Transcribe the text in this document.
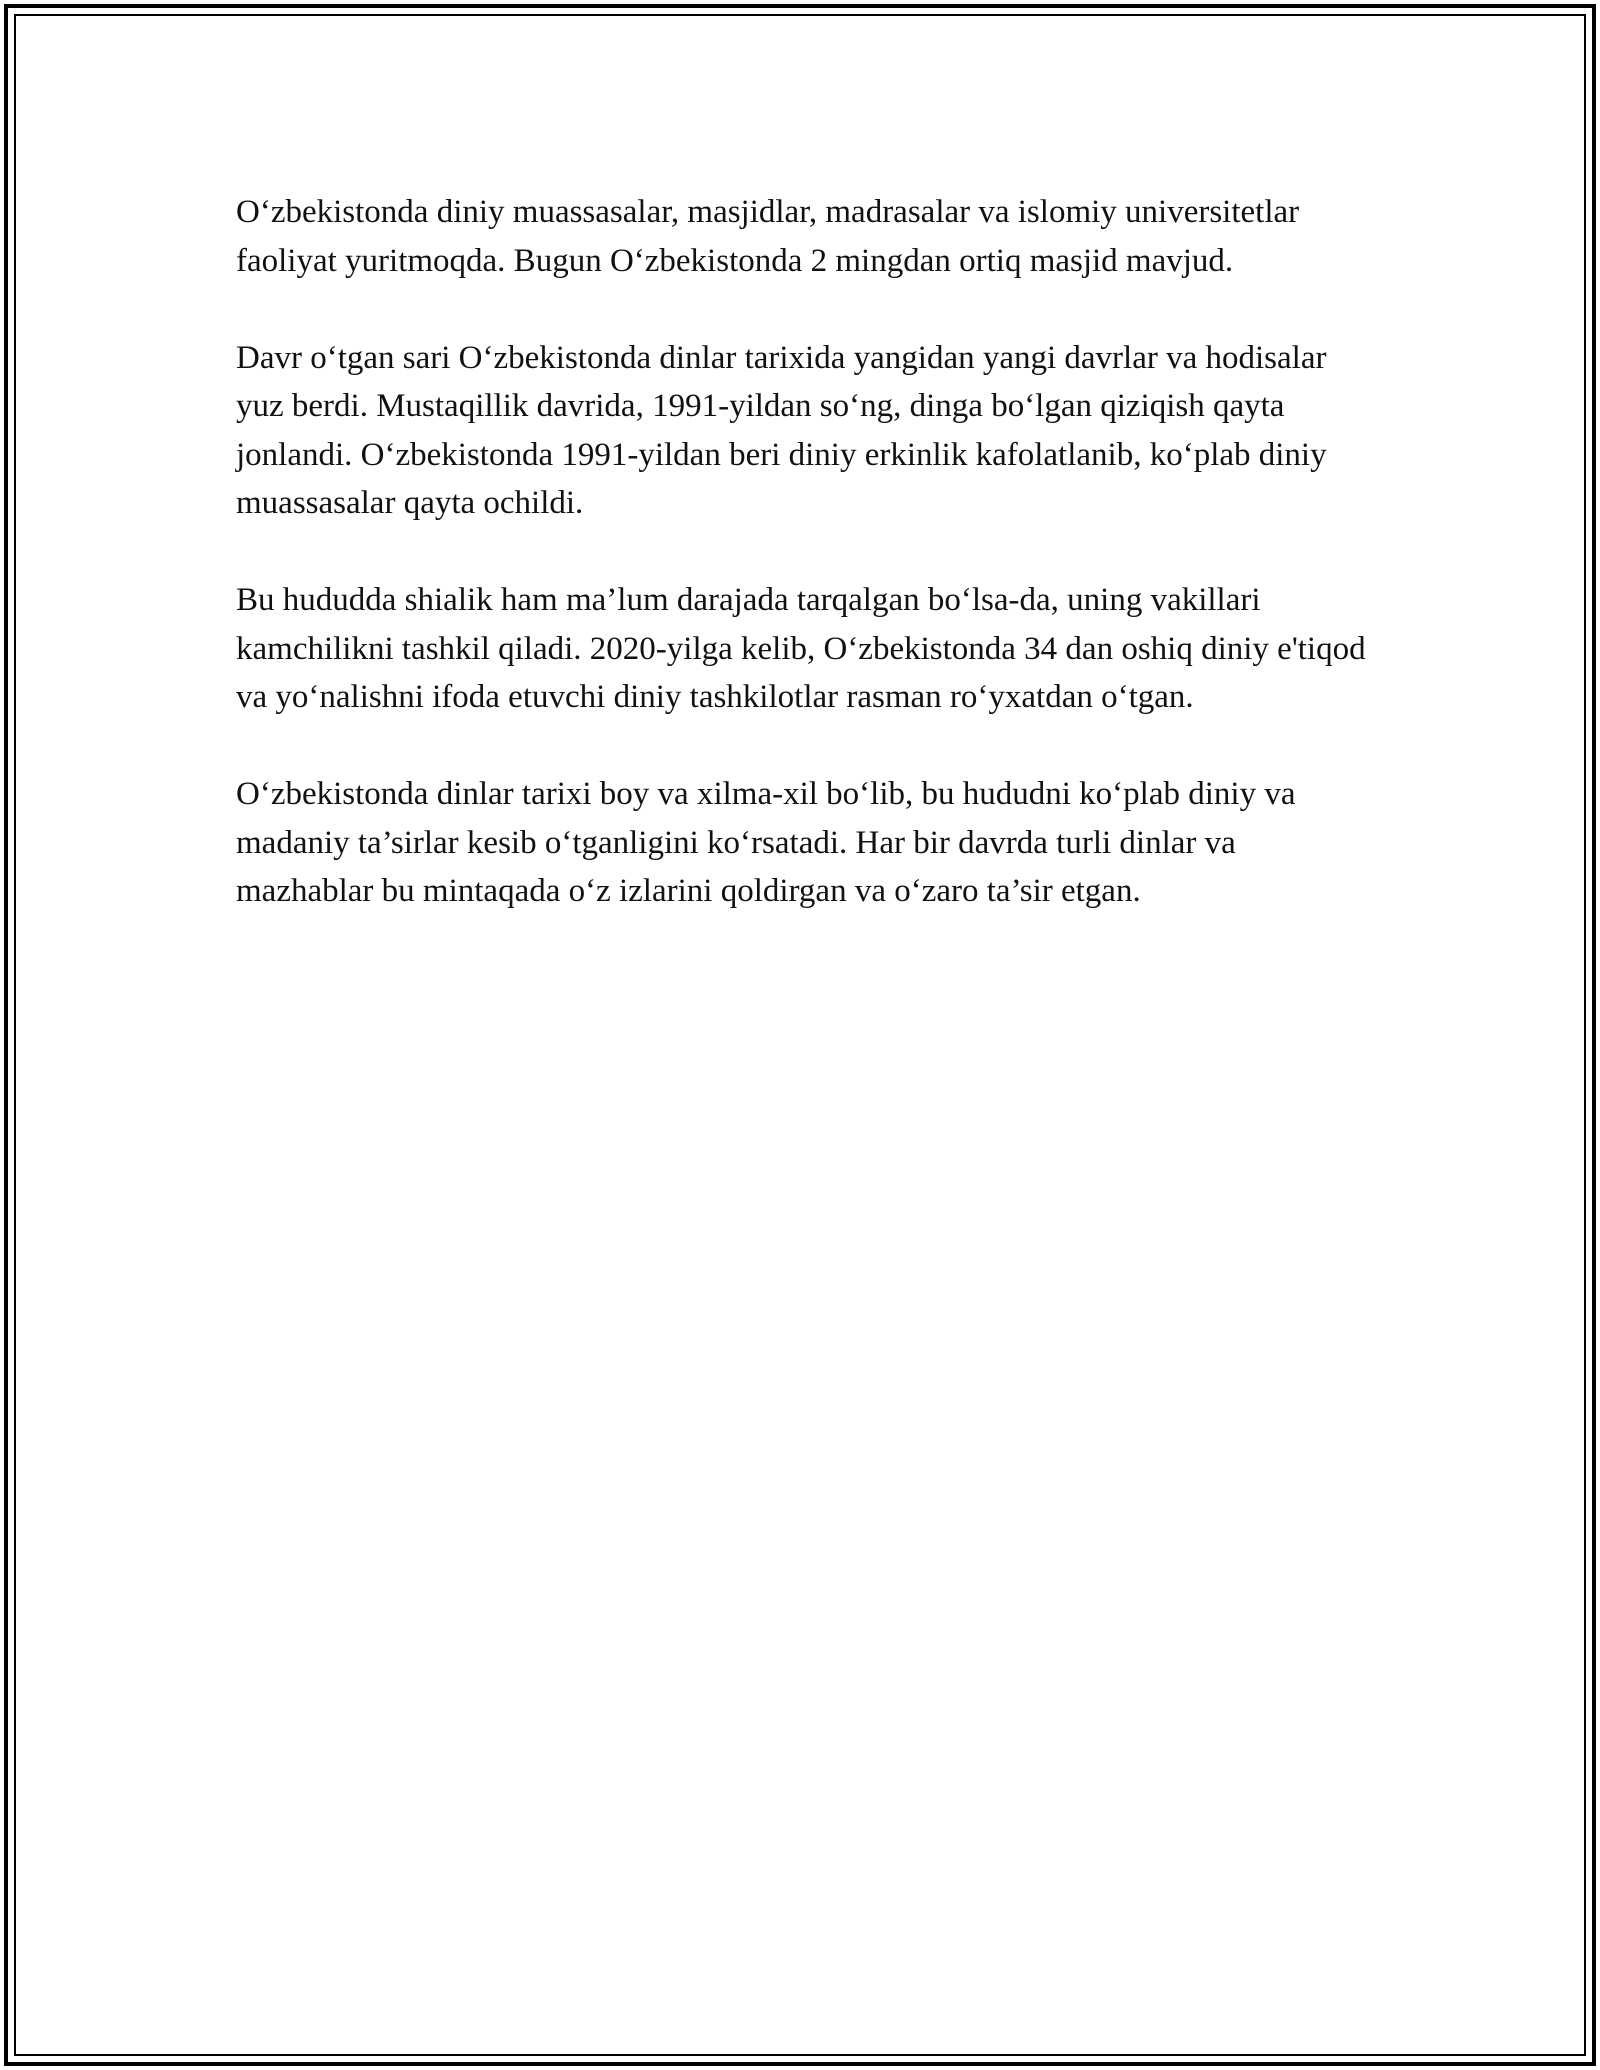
O‘zbekistonda diniy muassasalar, masjidlar, madrasalar va islomiy universitetlar faoliyat yuritmoqda. Bugun O‘zbekistonda 2 mingdan ortiq masjid mavjud.

Davr o‘tgan sari O‘zbekistonda dinlar tarixida yangidan yangi davrlar va hodisalar yuz berdi. Mustaqillik davrida, 1991-yildan so‘ng, dinga bo‘lgan qiziqish qayta jonlandi. O‘zbekistonda 1991-yildan beri diniy erkinlik kafolatlanib, ko‘plab diniy muassasalar qayta ochildi.

Bu hududda shialik ham ma’lum darajada tarqalgan bo‘lsa-da, uning vakillari kamchilikni tashkil qiladi. 2020-yilga kelib, O‘zbekistonda 34 dan oshiq diniy e'tiqod va yo‘nalishni ifoda etuvchi diniy tashkilotlar rasman ro‘yxatdan o‘tgan.

O‘zbekistonda dinlar tarixi boy va xilma-xil bo‘lib, bu hududni ko‘plab diniy va madaniy ta’sirlar kesib o‘tganligini ko‘rsatadi. Har bir davrda turli dinlar va mazhablar bu mintaqada o‘z izlarini qoldirgan va o‘zaro ta’sir etgan.
